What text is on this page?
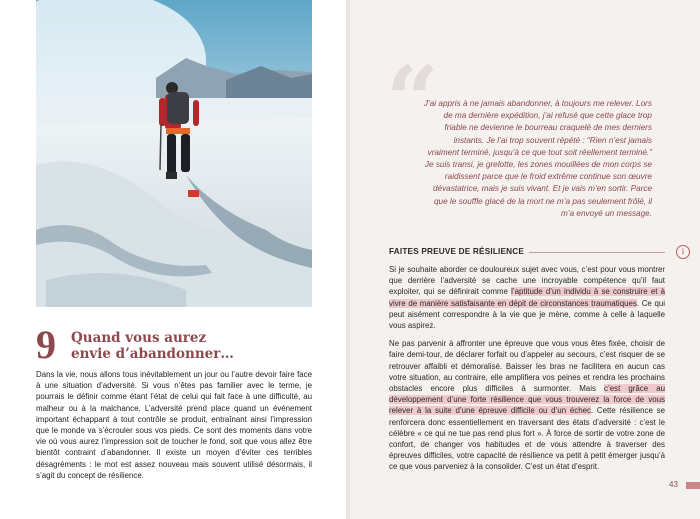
9 Quand vous aurez
envie d’abandonner…
Dans la vie, nous allons tous inévitablement un jour ou l’autre devoir faire face à une situation d’adversité. Si vous n’êtes pas familier avec le terme, je pourrais le définir comme étant l’état de celui qui fait face à une difficulté, au malheur ou à la malchance. L’adversité prend place quand un événement important échappant à tout contrôle se produit, entraînant ainsi l’impression que le monde va s’écrouler sous vos pieds. Ce sont des moments dans votre vie où vous aurez l’impression soit de toucher le fond, soit que vous allez être bientôt contraint d’abandonner. Il existe un moyen d’éviter ces terribles désagréments : le mot est assez nouveau mais souvent utilisé désormais, il s’agit du concept de résilience.
“
J’ai appris à ne jamais abandonner, à toujours me relever. Lors de ma dernière expédition, j’ai refusé que cette glace trop friable ne devienne le bourreau craquelé de mes derniers instants. Je l’ai trop souvent répété : “Rien n’est jamais vraiment terminé, jusqu’à ce que tout soit réellement terminé.” Je suis transi, je grelotte, les zones mouillées de mon corps se raidissent parce que le froid extrême continue son œuvre dévastatrice, mais je suis vivant. Et je vais m’en sortir. Parce que le souffle glacé de la mort ne m’a pas seulement frôlé, il m’a envoyé un message.
FAITES PREUVE DE RÉSILIENCE	i

Si je souhaite aborder ce douloureux sujet avec vous, c’est pour vous montrer que derrière l’adversité se cache une incroyable compétence qu’il faut exploiter, qui se définirait comme l’aptitude d’un individu à se construire et à vivre de manière satisfaisante en dépit de circonstances traumatiques. Ce qui peut aisément correspondre à la vie que je mène, comme à celle à laquelle vous aspirez.

Ne pas parvenir à affronter une épreuve que vous vous êtes fixée, choisir de faire demi-tour, de déclarer forfait ou d’appeler au secours, c’est risquer de se retrouver affaibli et démoralisé. Baisser les bras ne facilitera en aucun cas votre situation, au contraire, elle amplifiera vos peines et rendra les prochains obstacles encore plus difficiles à surmonter. Mais c’est grâce au développement d’une forte résilience que vous trouverez la force de vous relever à la suite d’une épreuve difficile ou d’un échec. Cette résilience se renforcera donc essentiellement en traversant des états d’adversité : c’est le célèbre « ce qui ne tue pas rend plus fort ». À force de sortir de votre zone de confort, de changer vos habitudes et de vous attendre à traverser des épreuves difficiles, votre capacité de résilience va petit à petit émerger jusqu’à ce que vous parveniez à la consolider. C’est un état d’esprit.

43
